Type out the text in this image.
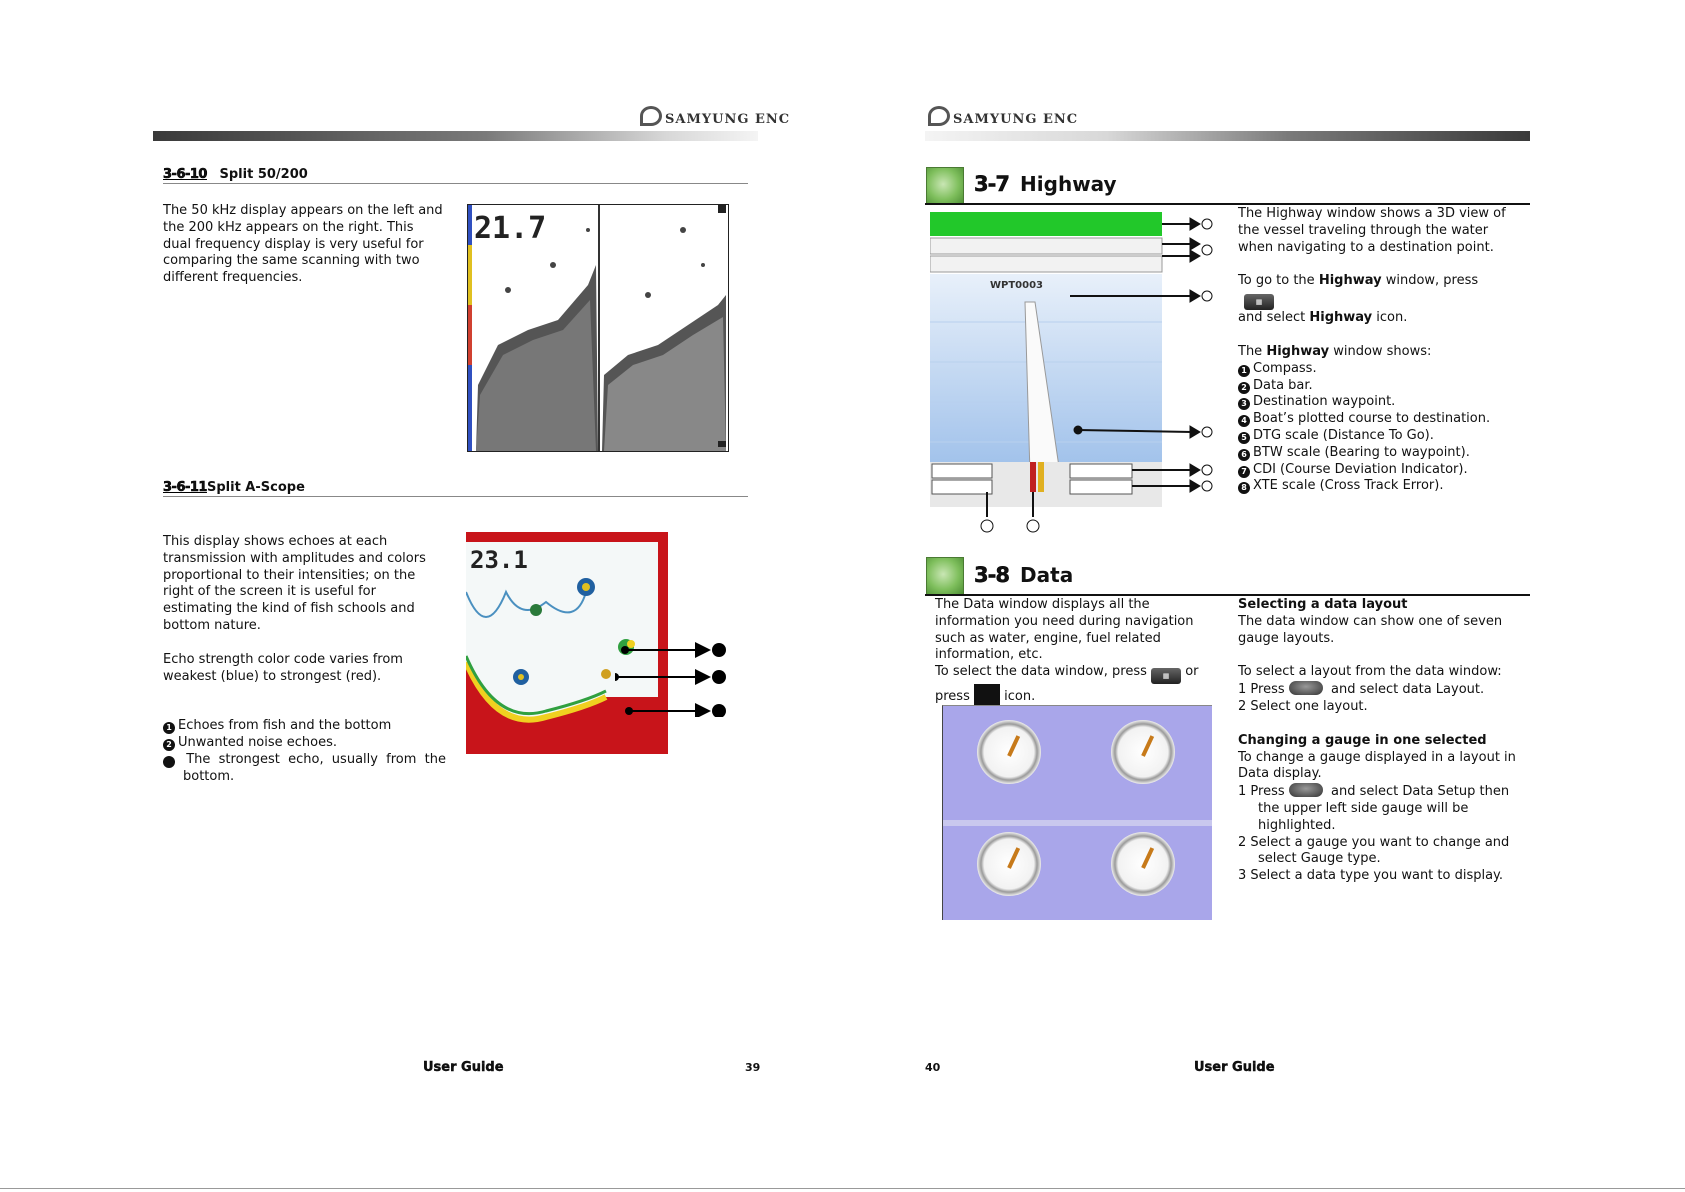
SAMYUNG ENC
3-6-10 Split 50/200

The 50 kHz display appears on the left and the 200 kHz appears on the right. This dual frequency display is very useful for comparing the same scanning with two different frequencies.

21.7
3-6-11Split A-Scope

This display shows echoes at each transmission with amplitudes and colors proportional to their intensities; on the right of the screen it is useful for estimating the kind of fish schools and bottom nature.

Echo strength color code varies from weakest (blue) to strongest (red).

1 Echoes from fish and the bottom
2 Unwanted noise echoes.
3 The strongest echo, usually from the bottom.
23.1
User Guide	39
SAMYUNG ENC
3-7 Highway
WPT0003

The Highway window shows a 3D view of the vessel traveling through the water when navigating to a destination point.

To go to the Highway window, press ▦
and select Highway icon.

The Highway window shows:

1 Compass.
2 Data bar.
3 Destination waypoint.
4 Boat’s plotted course to destination.
5 DTG scale (Distance To Go).
6 BTW scale (Bearing to waypoint).
7 CDI (Course Deviation Indicator).
8 XTE scale (Cross Track Error).
3-8 Data

The Data window displays all the information you need during navigation such as water, engine, fuel related information, etc.

To select the data window, press ▦ or
press	icon.

Selecting a data layout

The data window can show one of seven gauge layouts.

To select a layout from the data window:

1 Press	and select data Layout.

2 Select one layout.

Changing a gauge in one selected

To change a gauge displayed in a layout in Data display.

1 Press	and select Data Setup then

the upper left side gauge will be highlighted.

2 Select a gauge you want to change and

select Gauge type.

3 Select a data type you want to display.

40	User Guide
